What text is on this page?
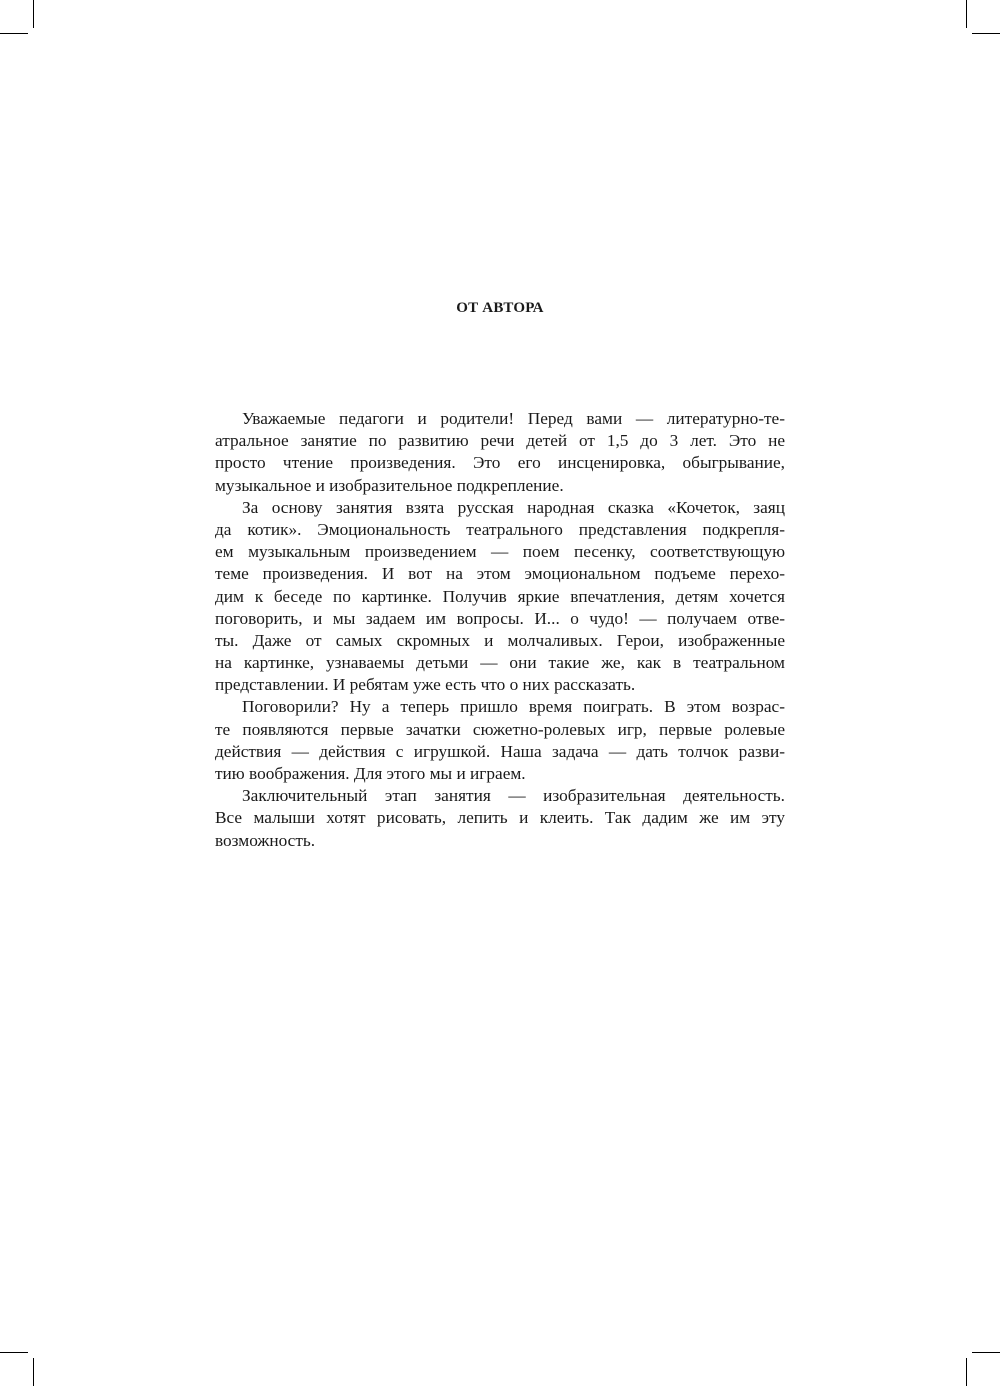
ОТ АВТОРА
Уважаемые педагоги и родители! Перед вами — литературно-те-
атральное занятие по развитию речи детей от 1,5 до 3 лет. Это не
просто чтение произведения. Это его инсценировка, обыгрывание,
музыкальное и изобразительное подкрепление.
За основу занятия взята русская народная сказка «Кочеток, заяц
да котик». Эмоциональность театрального представления подкрепля-
ем музыкальным произведением — поем песенку, соответствующую
теме произведения. И вот на этом эмоциональном подъеме перехо-
дим к беседе по картинке. Получив яркие впечатления, детям хочется
поговорить, и мы задаем им вопросы. И... о чудо! — получаем отве-
ты. Даже от самых скромных и молчаливых. Герои, изображенные
на картинке, узнаваемы детьми — они такие же, как в театральном
представлении. И ребятам уже есть что о них рассказать.
Поговорили? Ну а теперь пришло время поиграть. В этом возрас-
те появляются первые зачатки сюжетно-ролевых игр, первые ролевые
действия — действия с игрушкой. Наша задача — дать толчок разви-
тию воображения. Для этого мы и играем.
Заключительный этап занятия — изобразительная деятельность.
Все малыши хотят рисовать, лепить и клеить. Так дадим же им эту
возможность.
